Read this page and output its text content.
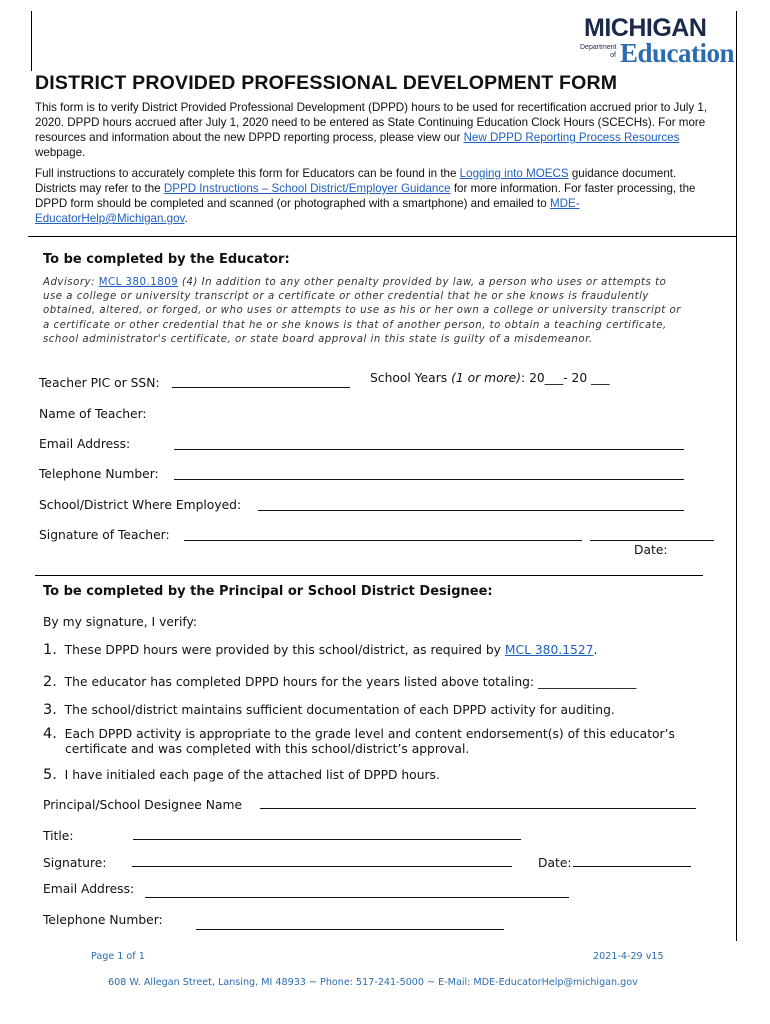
MICHIGAN
Department of Education
DISTRICT PROVIDED PROFESSIONAL DEVELOPMENT FORM

This form is to verify District Provided Professional Development (DPPD) hours to be used for recertification accrued prior to July 1,

2020. DPPD hours accrued after July 1, 2020 need to be entered as State Continuing Education Clock Hours (SCECHs). For more

resources and information about the new DPPD reporting process, please view our New DPPD Reporting Process Resources

webpage.

Full instructions to accurately complete this form for Educators can be found in the Logging into MOECS guidance document.

Districts may refer to the DPPD Instructions – School District/Employer Guidance for more information. For faster processing, the

DPPD form should be completed and scanned (or photographed with a smartphone) and emailed to MDE-

EducatorHelp@Michigan.gov.

To be completed by the Educator:

Advisory: MCL 380.1809 (4) In addition to any other penalty provided by law, a person who uses or attempts to

use a college or university transcript or a certificate or other credential that he or she knows is fraudulently

obtained, altered, or forged, or who uses or attempts to use as his or her own a college or university transcript or

a certificate or other credential that he or she knows is that of another person, to obtain a teaching certificate,

school administrator's certificate, or state board approval in this state is guilty of a misdemeanor.

Teacher PIC or SSN:	School Years (1 or more): 20___- 20 ___
Name of Teacher:
Email Address:
Telephone Number:
School/District Where Employed:
Signature of Teacher:
Date:
To be completed by the Principal or School District Designee:
By my signature, I verify:
1. These DPPD hours were provided by this school/district, as required by MCL 380.1527.
2. The educator has completed DPPD hours for the years listed above totaling: ________________
3. The school/district maintains sufficient documentation of each DPPD activity for auditing.
4. Each DPPD activity is appropriate to the grade level and content endorsement(s) of this educator’s
certificate and was completed with this school/district’s approval.
5. I have initialed each page of the attached list of DPPD hours.
Principal/School Designee Name
Title:
Signature:	Date:
Email Address:
Telephone Number:
Page 1 of 1	2021-4-29 v15
608 W. Allegan Street, Lansing, MI 48933 ~ Phone: 517-241-5000 ~ E-Mail: MDE-EducatorHelp@michigan.gov
